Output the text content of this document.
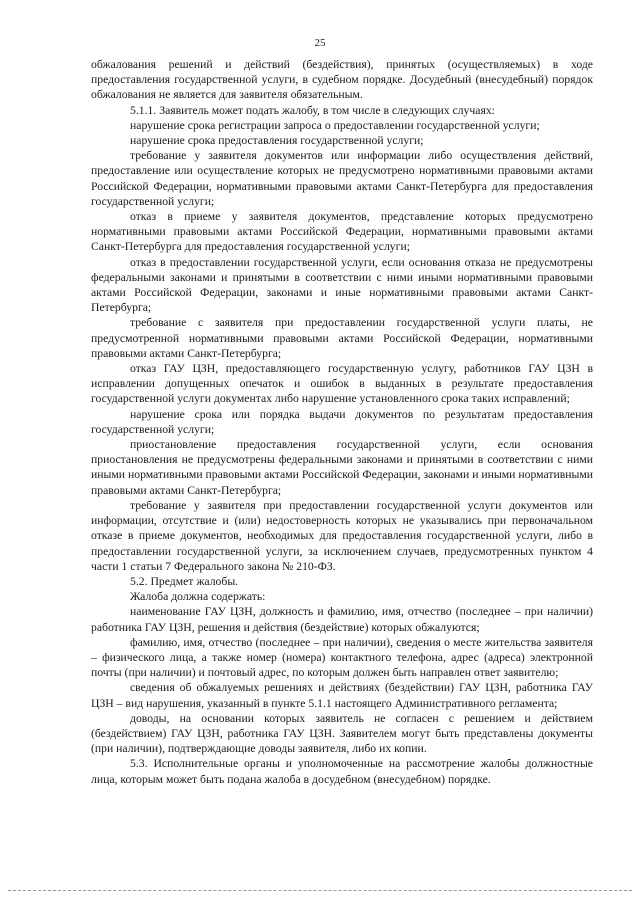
25

обжалования решений и действий (бездействия), принятых (осуществляемых) в ходе предоставления государственной услуги, в судебном порядке. Досудебный (внесудебный) порядок обжалования не является для заявителя обязательным.

5.1.1. Заявитель может подать жалобу, в том числе в следующих случаях:

нарушение срока регистрации запроса о предоставлении государственной услуги;

нарушение срока предоставления государственной услуги;

требование у заявителя документов или информации либо осуществления действий, предоставление или осуществление которых не предусмотрено нормативными правовыми актами Российской Федерации, нормативными правовыми актами Санкт-Петербурга для предоставления государственной услуги;

отказ в приеме у заявителя документов, представление которых предусмотрено нормативными правовыми актами Российской Федерации, нормативными правовыми актами Санкт-Петербурга для предоставления государственной услуги;

отказ в предоставлении государственной услуги, если основания отказа не предусмотрены федеральными законами и принятыми в соответствии с ними иными нормативными правовыми актами Российской Федерации, законами и иные нормативными правовыми актами Санкт-Петербурга;

требование с заявителя при предоставлении государственной услуги платы, не предусмотренной нормативными правовыми актами Российской Федерации, нормативными правовыми актами Санкт-Петербурга;

отказ ГАУ ЦЗН, предоставляющего государственную услугу, работников ГАУ ЦЗН в исправлении допущенных опечаток и ошибок в выданных в результате предоставления государственной услуги документах либо нарушение установленного срока таких исправлений;

нарушение срока или порядка выдачи документов по результатам предоставления государственной услуги;

приостановление предоставления государственной услуги, если основания приостановления не предусмотрены федеральными законами и принятыми в соответствии с ними иными нормативными правовыми актами Российской Федерации, законами и иными нормативными правовыми актами Санкт-Петербурга;

требование у заявителя при предоставлении государственной услуги документов или информации, отсутствие и (или) недостоверность которых не указывались при первоначальном отказе в приеме документов, необходимых для предоставления государственной услуги, либо в предоставлении государственной услуги, за исключением случаев, предусмотренных пунктом 4 части 1 статьи 7 Федерального закона № 210-ФЗ.

5.2. Предмет жалобы.

Жалоба должна содержать:

наименование ГАУ ЦЗН, должность и фамилию, имя, отчество (последнее – при наличии) работника ГАУ ЦЗН, решения и действия (бездействие) которых обжалуются;

фамилию, имя, отчество (последнее – при наличии), сведения о месте жительства заявителя – физического лица, а также номер (номера) контактного телефона, адрес (адреса) электронной почты (при наличии) и почтовый адрес, по которым должен быть направлен ответ заявителю;

сведения об обжалуемых решениях и действиях (бездействии) ГАУ ЦЗН, работника ГАУ ЦЗН – вид нарушения, указанный в пункте 5.1.1 настоящего Административного регламента;

доводы, на основании которых заявитель не согласен с решением и действием (бездействием) ГАУ ЦЗН, работника ГАУ ЦЗН. Заявителем могут быть представлены документы (при наличии), подтверждающие доводы заявителя, либо их копии.

5.3. Исполнительные органы и уполномоченные на рассмотрение жалобы должностные лица, которым может быть подана жалоба в досудебном (внесудебном) порядке.
